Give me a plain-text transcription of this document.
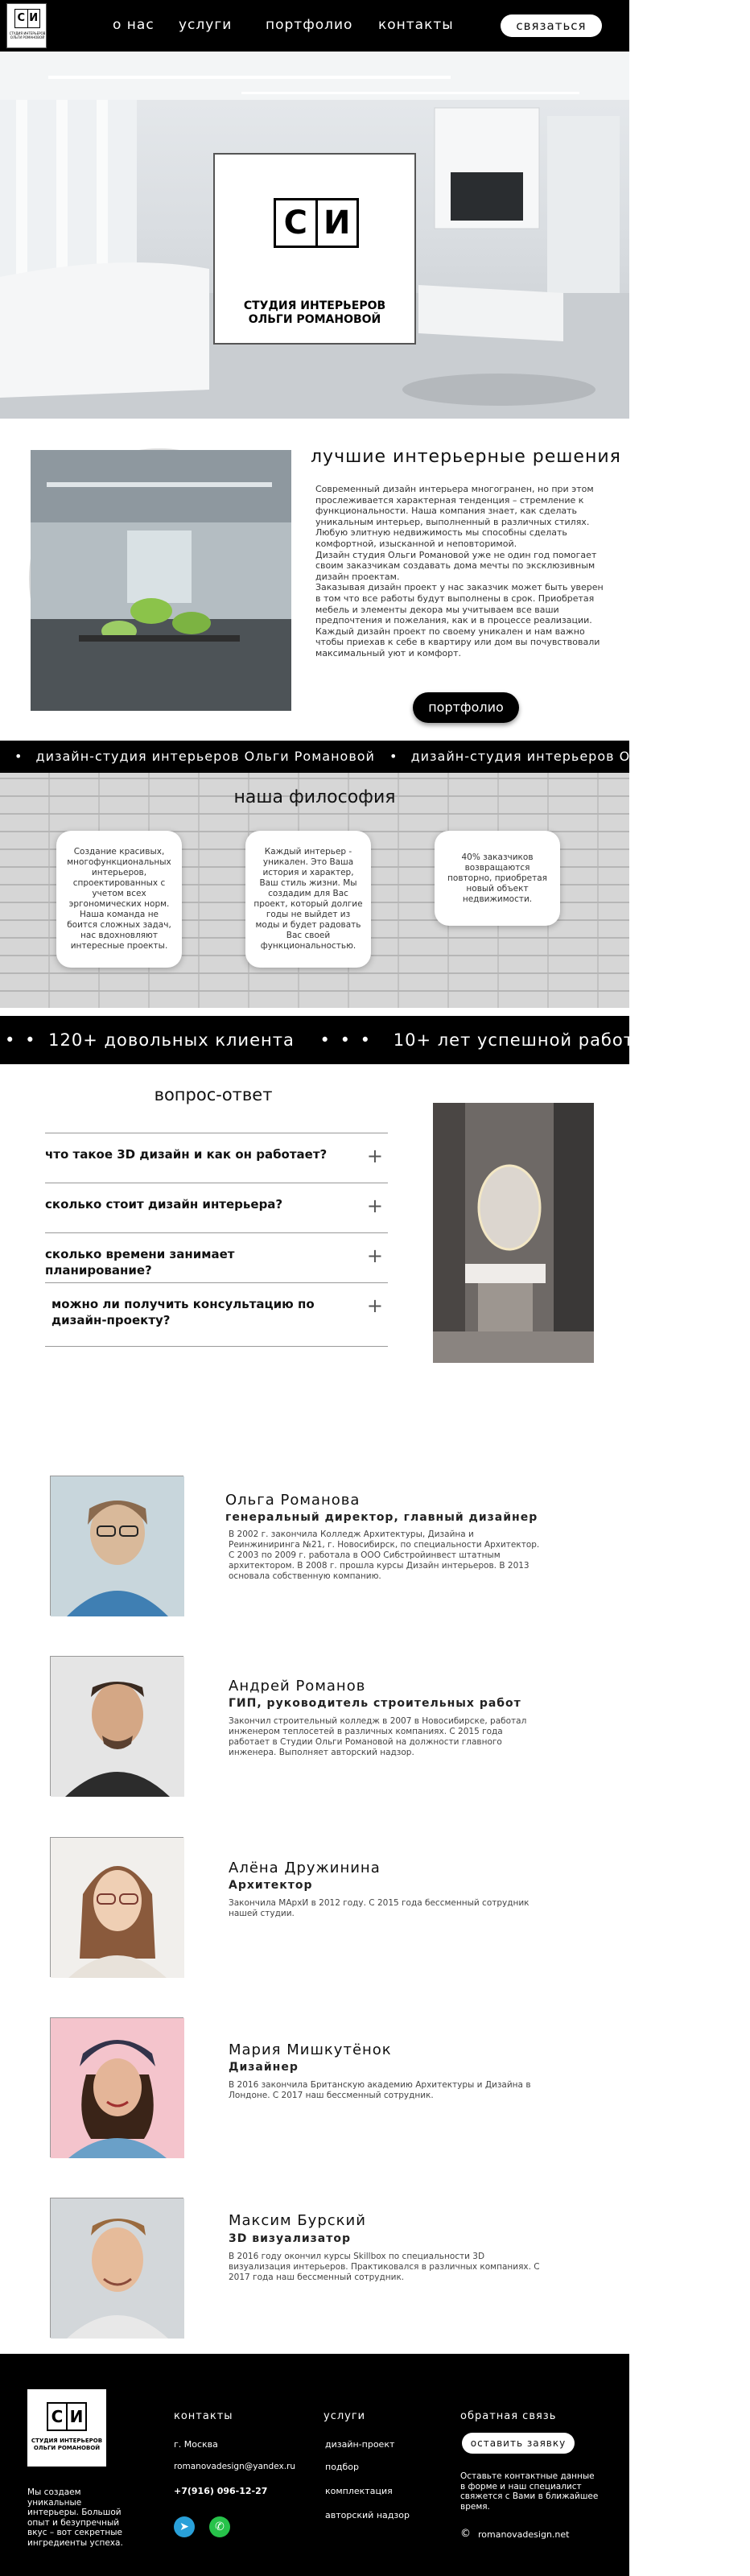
С И
СТУДИЯ ИНТЕРЬЕРОВ ОЛЬГИ РОМАНОВОЙ
о нас услуги портфолио контакты	связаться
С И
СТУДИЯ ИНТЕРЬЕРОВ
ОЛЬГИ РОМАНОВОЙ
лучшие интерьерные решения

Современный дизайн интерьера многогранен, но при этом прослеживается характерная тенденция – стремление к функциональности. Наша компания знает, как сделать уникальным интерьер, выполненный в различных стилях. Любую элитную недвижимость мы способны сделать комфортной, изысканной и неповторимой.

Дизайн студия Ольги Романовой уже не один год помогает своим заказчикам создавать дома мечты по эксклюзивным дизайн проектам.

Заказывая дизайн проект у нас заказчик может быть уверен в том что все работы будут выполнены в срок. Приобретая мебель и элементы декора мы учитываем все ваши предпочтения и пожелания, как и в процессе реализации. Каждый дизайн проект по своему уникален и нам важно чтобы приехав к себе в квартиру или дом вы почувствовали максимальный уют и комфорт.

портфолио
• дизайн-студия интерьеров Ольги Романовой • дизайн-студия интерьеров Ольги Романовой
наша философия
Создание красивых, многофункциональных интерьеров, спроектированных с учетом всех эргономических норм. Наша команда не боится сложных задач, нас вдохновляют интересные проекты.
Каждый интерьер - уникален. Это Ваша история и характер, Ваш стиль жизни. Мы создадим для Вас проект, который долгие годы не выйдет из моды и будет радовать Вас своей функциональностью.
40% заказчиков возвращаются повторно, приобретая новый объект недвижимости.
• • 120+ довольных клиента • • • 10+ лет успешной работы • • •
вопрос-ответ
что такое 3D дизайн и как он работает?	+
сколько стоит дизайн интерьера?	+
сколько времени занимает планирование?
+
можно ли получить консультацию по дизайн-проекту?
+
Ольга Романова
генеральный директор, главный дизайнер
В 2002 г. закончила Колледж Архитектуры, Дизайна и Реинжиниринга №21, г. Новосибирск, по специальности Архитектор. С 2003 по 2009 г. работала в ООО Сибстройинвест штатным архитектором. В 2008 г. прошла курсы Дизайн интерьеров. В 2013 основала собственную компанию.
Андрей Романов
ГИП, руководитель строительных работ
Закончил строительный колледж в 2007 в Новосибирске, работал инженером теплосетей в различных компаниях. С 2015 года работает в Студии Ольги Романовой на должности главного инженера. Выполняет авторский надзор.
Алёна Дружинина
Архитектор
Закончила МАрхИ в 2012 году. С 2015 года бессменный сотрудник нашей студии.
Мария Мишкутёнок
Дизайнер
В 2016 закончила Британскую академию Архитектуры и Дизайна в Лондоне. С 2017 наш бессменный сотрудник.
Максим Бурский
3D визуализатор
В 2016 году окончил курсы Skillbox по специальности 3D визуализация интерьеров. Практиковался в различных компаниях. С 2017 года наш бессменный сотрудник.
С И
СТУДИЯ ИНТЕРЬЕРОВ ОЛЬГИ РОМАНОВОЙ
Мы создаем уникальные интерьеры. Большой опыт и безупречный вкус – вот секретные ингредиенты успеха.
контакты
г. Москва
romanovadesign@yandex.ru
+7(916) 096-12-27
➤	✆
услуги
дизайн-проект
подбор
комплектация
авторский надзор
обратная связь
оставить заявку
Оставьте контактные данные в форме и наш специалист свяжется с Вами в ближайшее время.
© romanovadesign.net
